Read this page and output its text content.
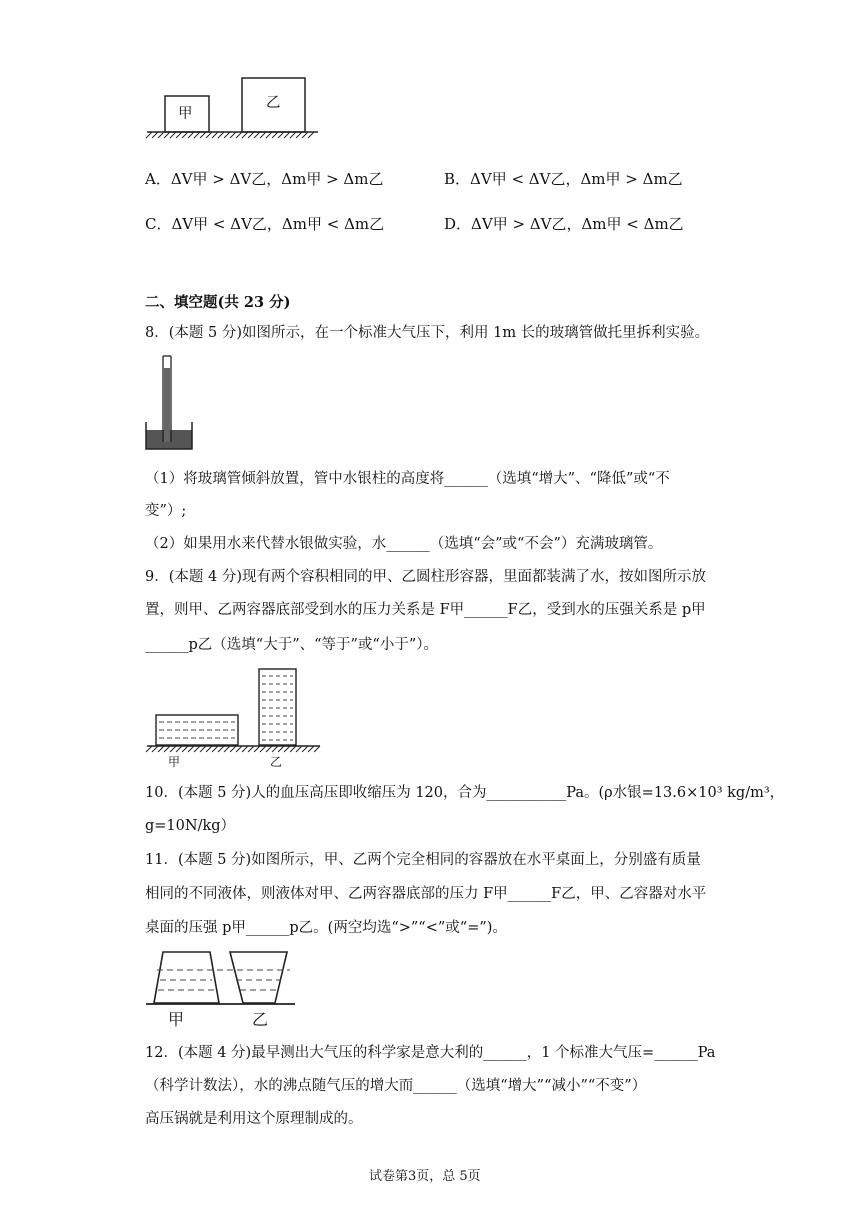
甲
乙
A．ΔV甲 > ΔV乙，Δm甲 > Δm乙	B．ΔV甲 < ΔV乙，Δm甲 > Δm乙
C．ΔV甲 < ΔV乙，Δm甲 < Δm乙	D．ΔV甲 > ΔV乙，Δm甲 < Δm乙
二、填空题(共 23 分)
8．(本题 5 分)如图所示，在一个标准大气压下，利用 1m 长的玻璃管做托里拆利实验。
（1）将玻璃管倾斜放置，管中水银柱的高度将______（选填“增大”、“降低”或“不
变”）;
（2）如果用水来代替水银做实验，水______（选填“会”或“不会”）充满玻璃管。
9．(本题 4 分)现有两个容积相同的甲、乙圆柱形容器，里面都装满了水，按如图所示放
置，则甲、乙两容器底部受到水的压力关系是 F甲______F乙，受到水的压强关系是 p甲
______p乙（选填“大于”、“等于”或“小于”）。
甲	乙
10．(本题 5 分)人的血压高压即收缩压为 120，合为___________Pa。(ρ水银=13.6×10³ kg/m³，
g=10N/kg）
11．(本题 5 分)如图所示，甲、乙两个完全相同的容器放在水平桌面上，分别盛有质量
相同的不同液体，则液体对甲、乙两容器底部的压力 F甲______F乙，甲、乙容器对水平
桌面的压强 p甲______p乙。(两空均选“>”“<”或“=”)。
甲	乙
12．(本题 4 分)最早测出大气压的科学家是意大利的______，1 个标准大气压=______Pa
（科学计数法），水的沸点随气压的增大而______（选填“增大”“减小”“不变”）
高压锅就是利用这个原理制成的。
试卷第3页，总 5页
